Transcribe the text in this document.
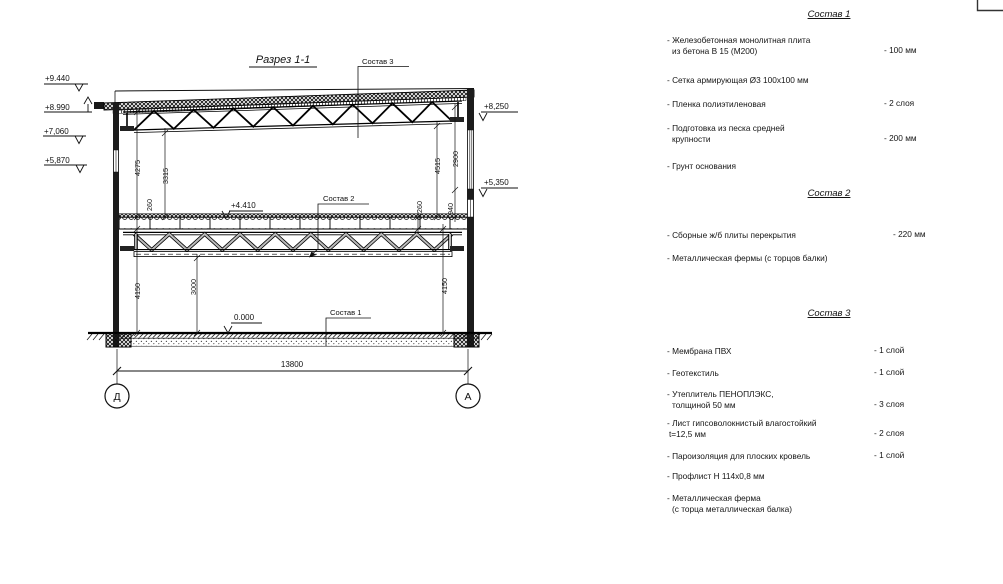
4275	3315
260
4150	3000
4515 2900
260	940
4150
+9.440
+8.990
+7,060
+5,870
+8,250
+5,350
+4.410
0.000
Состав 3
Состав 2
Состав 1
13800
Д	А
Разрез 1-1
Состав 1
- Железобетонная монолитная плита
из бетона В 15 (М200)	- 100 мм
- Сетка армирующая Ø3 100х100 мм
- Пленка полиэтиленовая	- 2 слоя
- Подготовка из песка средней
крупности	- 200 мм
- Грунт основания
Состав 2
- Сборные ж/б плиты перекрытия	- 220 мм
- Металлическая фермы (с торцов балки)
Состав 3
- Мембрана ПВХ	- 1 слой
- Геотекстиль	- 1 слой
- Утеплитель ПЕНОПЛЭКС,
толщиной 50 мм	- 3 слоя
- Лист гипсоволокнистый влагостойкий
t=12,5 мм	- 2 слоя
- Пароизоляция для плоских кровель	- 1 слой
- Профлист Н 114х0,8 мм
- Металлическая ферма
(с торца металлическая балка)
